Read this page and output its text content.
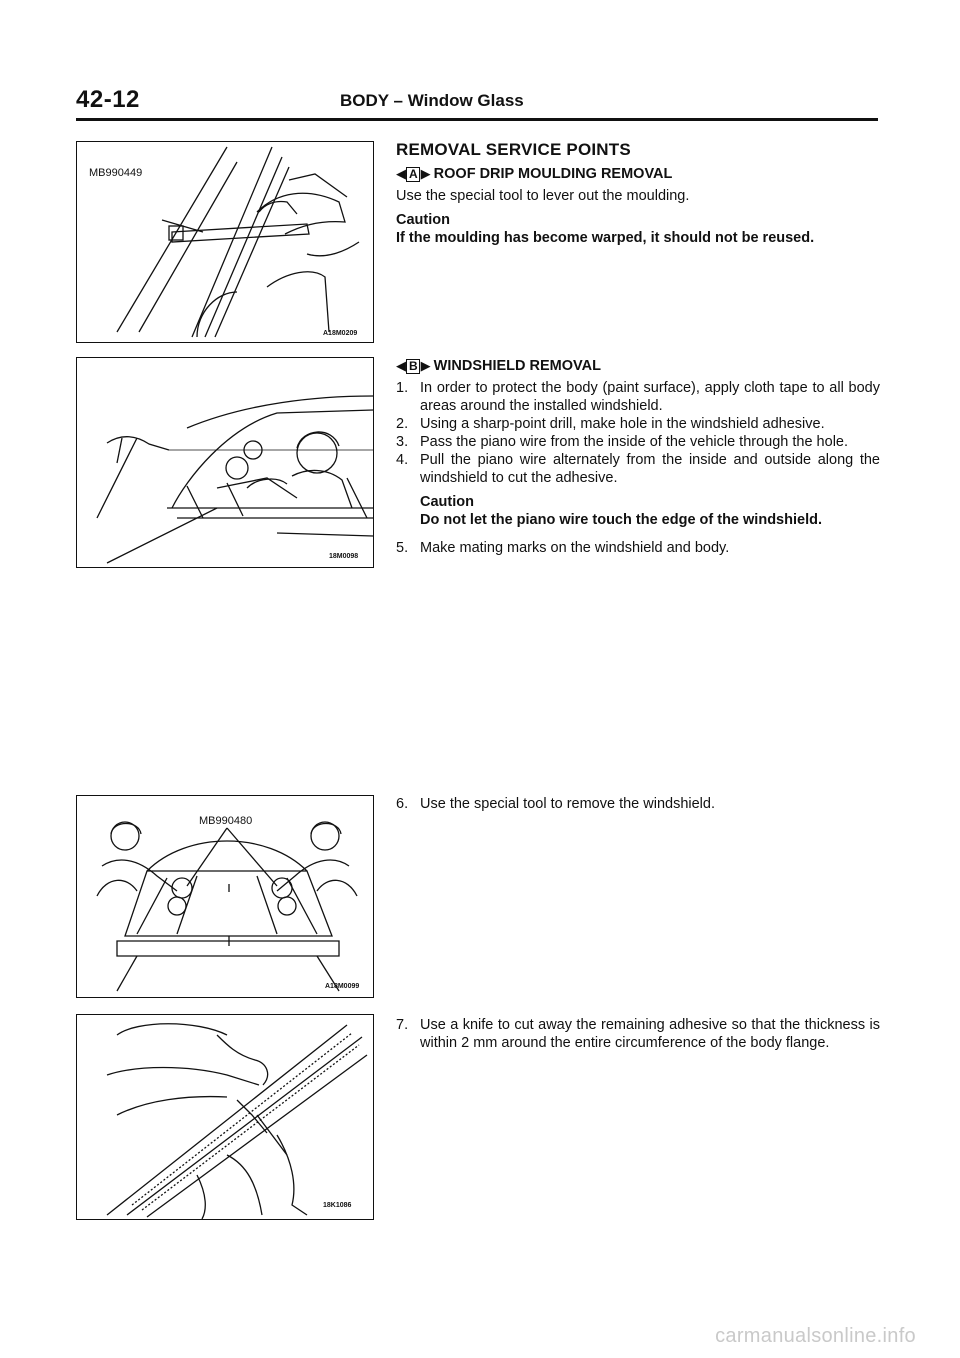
42-12	BODY – Window Glass
MB990449
A18M0209
18M0098
MB990480
A18M0099
18K1086
REMOVAL SERVICE POINTS
◀ A ▶ ROOF DRIP MOULDING REMOVAL

Use the special tool to lever out the moulding.

Caution
If the moulding has become warped, it should not be reused.
◀ B ▶ WINDSHIELD REMOVAL
1. In order to protect the body (paint surface), apply cloth tape to all body areas around the installed windshield.
2. Using a sharp-point drill, make hole in the windshield adhesive.
3. Pass the piano wire from the inside of the vehicle through the hole.
4. Pull the piano wire alternately from the inside and outside along the windshield to cut the adhesive.
Caution
Do not let the piano wire touch the edge of the windshield.
5. Make mating marks on the windshield and body.
6. Use the special tool to remove the windshield.
7. Use a knife to cut away the remaining adhesive so that the thickness is within 2 mm around the entire circumference of the body flange.
carmanualsonline.info
